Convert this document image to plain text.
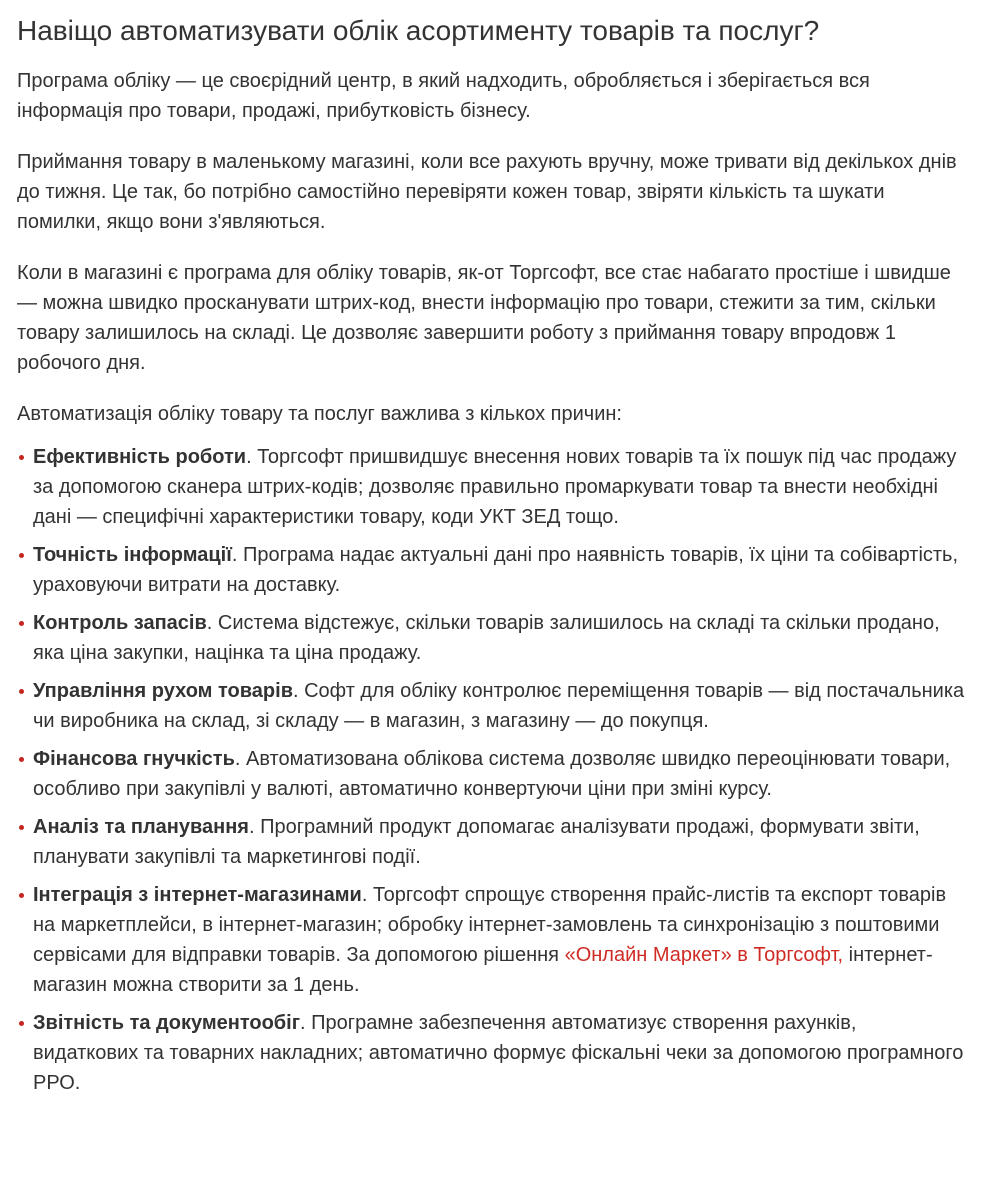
Навіщо автоматизувати облік асортименту товарів та послуг?

Програма обліку — це своєрідний центр, в який надходить, обробляється і зберігається вся інформація про товари, продажі, прибутковість бізнесу.

Приймання товару в маленькому магазині, коли все рахують вручну, може тривати від декількох днів до тижня. Це так, бо потрібно самостійно перевіряти кожен товар, звіряти кількість та шукати помилки, якщо вони з'являються.

Коли в магазині є програма для обліку товарів, як-от Торгсофт, все стає набагато простіше і швидше — можна швидко просканувати штрих-код, внести інформацію про товари, стежити за тим, скільки товару залишилось на складі. Це дозволяє завершити роботу з приймання товару впродовж 1 робочого дня.

Автоматизація обліку товару та послуг важлива з кількох причин:

Ефективність роботи. Торгсофт пришвидшує внесення нових товарів та їх пошук під час продажу за допомогою сканера штрих-кодів; дозволяє правильно промаркувати товар та внести необхідні дані — специфічні характеристики товару, коди УКТ ЗЕД тощо.
Точність інформації. Програма надає актуальні дані про наявність товарів, їх ціни та собівартість, ураховуючи витрати на доставку.
Контроль запасів. Система відстежує, скільки товарів залишилось на складі та скільки продано, яка ціна закупки, націнка та ціна продажу.
Управління рухом товарів. Софт для обліку контролює переміщення товарів — від постачальника чи виробника на склад, зі складу — в магазин, з магазину — до покупця.
Фінансова гнучкість. Автоматизована облікова система дозволяє швидко переоцінювати товари, особливо при закупівлі у валюті, автоматично конвертуючи ціни при зміні курсу.
Аналіз та планування. Програмний продукт допомагає аналізувати продажі, формувати звіти, планувати закупівлі та маркетингові події.
Інтеграція з інтернет-магазинами. Торгсофт спрощує створення прайс-листів та експорт товарів на маркетплейси, в інтернет-магазин; обробку інтернет-замовлень та синхронізацію з поштовими сервісами для відправки товарів. За допомогою рішення «Онлайн Маркет» в Торгсофт, інтернет-магазин можна створити за 1 день.
Звітність та документообіг. Програмне забезпечення автоматизує створення рахунків, видаткових та товарних накладних; автоматично формує фіскальні чеки за допомогою програмного РРО.
